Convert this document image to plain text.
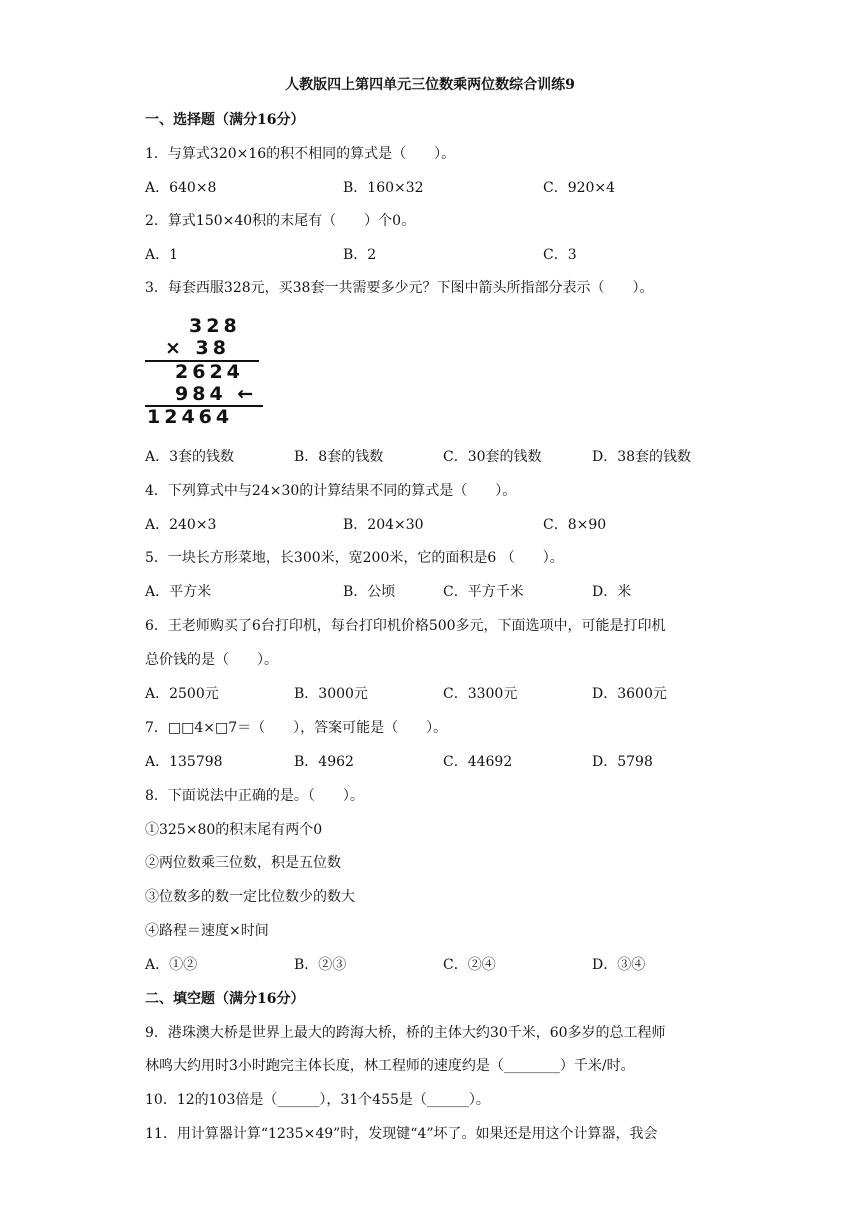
人教版四上第四单元三位数乘两位数综合训练9
一、选择题（满分16分）
1．与算式320×16的积不相同的算式是（　　）。
A．640×8	B．160×32	C．920×4
2．算式150×40积的末尾有（　　）个0。
A．1	B．2	C．3
3．每套西服328元，买38套一共需要多少元？下图中箭头所指部分表示（　　）。
328
× 38
2624
984 ←
12464
A．3套的钱数	B．8套的钱数	C．30套的钱数	D．38套的钱数
4．下列算式中与24×30的计算结果不同的算式是（　　）。
A．240×3	B．204×30	C．8×90
5．一块长方形菜地，长300米，宽200米，它的面积是6 （　　）。
A．平方米	B．公顷	C．平方千米	D．米
6．王老师购买了6台打印机，每台打印机价格500多元，下面选项中，可能是打印机
总价钱的是（　　）。
A．2500元	B．3000元	C．3300元	D．3600元
7．□□4×□7＝（　　），答案可能是（　　）。
A．135798	B．4962	C．44692	D．5798
8．下面说法中正确的是。（　　）。
①325×80的积末尾有两个0
②两位数乘三位数，积是五位数
③位数多的数一定比位数少的数大
④路程＝速度×时间
A．①②	B．②③	C．②④	D．③④
二、填空题（满分16分）
9．港珠澳大桥是世界上最大的跨海大桥，桥的主体大约30千米，60多岁的总工程师
林鸣大约用时3小时跑完主体长度，林工程师的速度约是（________）千米/时。
10．12的103倍是（______），31个455是（______）。
11．用计算器计算“1235×49”时，发现键“4”坏了。如果还是用这个计算器，我会
